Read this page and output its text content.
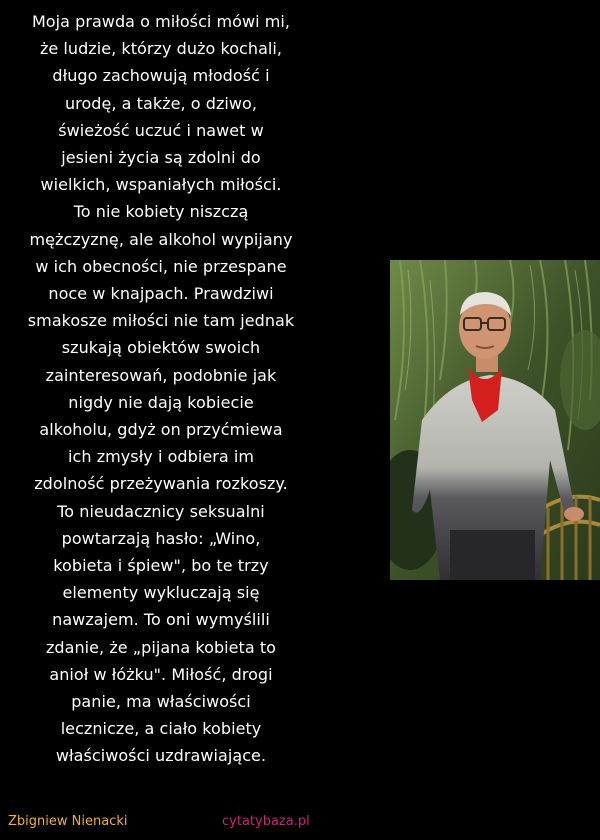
Moja prawda o miłości mówi mi,
że ludzie, którzy dużo kochali,
długo zachowują młodość i
urodę, a także, o dziwo,
świeżość uczuć i nawet w
jesieni życia są zdolni do
wielkich, wspaniałych miłości.
To nie kobiety niszczą
mężczyznę, ale alkohol wypijany
w ich obecności, nie przespane
noce w knajpach. Prawdziwi
smakosze miłości nie tam jednak
szukają obiektów swoich
zainteresowań, podobnie jak
nigdy nie dają kobiecie
alkoholu, gdyż on przyćmiewa
ich zmysły i odbiera im
zdolność przeżywania rozkoszy.
To nieudacznicy seksualni
powtarzają hasło: „Wino,
kobieta i śpiew", bo te trzy
elementy wykluczają się
nawzajem. To oni wymyślili
zdanie, że „pijana kobieta to
anioł w łóżku". Miłość, drogi
panie, ma właściwości
lecznicze, a ciało kobiety
właściwości uzdrawiające.
Zbigniew Nienacki	cytatybaza.pl
